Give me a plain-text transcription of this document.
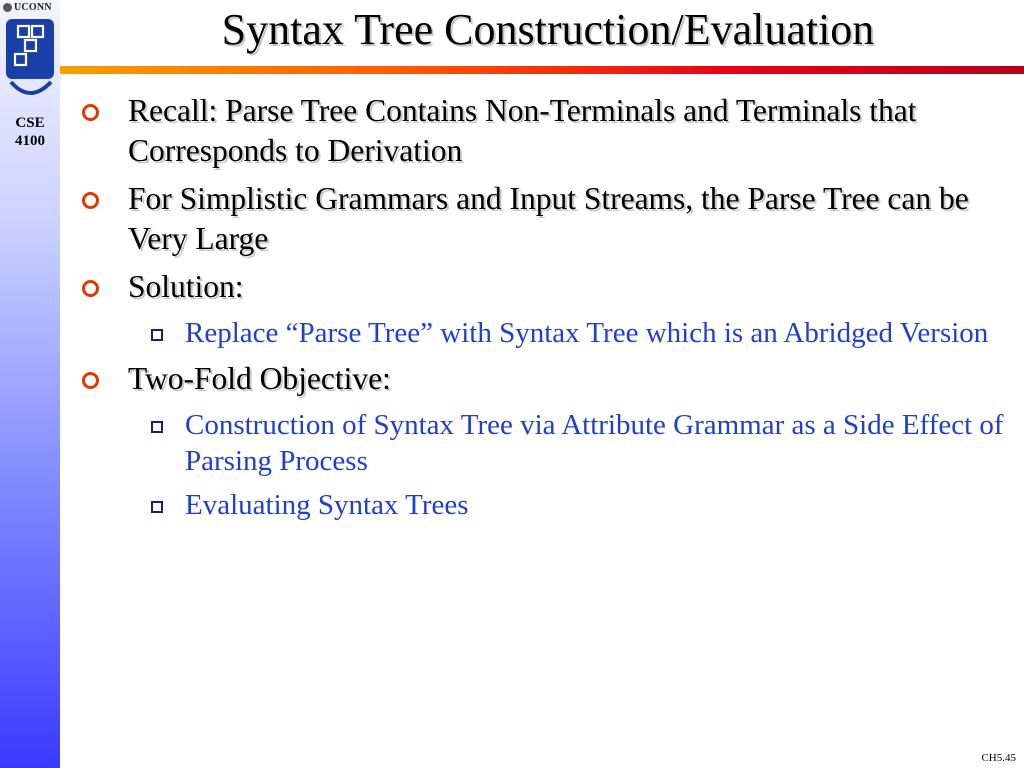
UCONN
CSE
4100
Syntax Tree Construction/Evaluation
Recall: Parse Tree Contains Non-Terminals and Terminals that Corresponds to Derivation
For Simplistic Grammars and Input Streams, the Parse Tree can be Very Large
Solution:
Replace “Parse Tree” with Syntax Tree which is an Abridged Version
Two-Fold Objective:
Construction of Syntax Tree via Attribute Grammar as a Side Effect of Parsing Process
Evaluating Syntax Trees
CH5.45
